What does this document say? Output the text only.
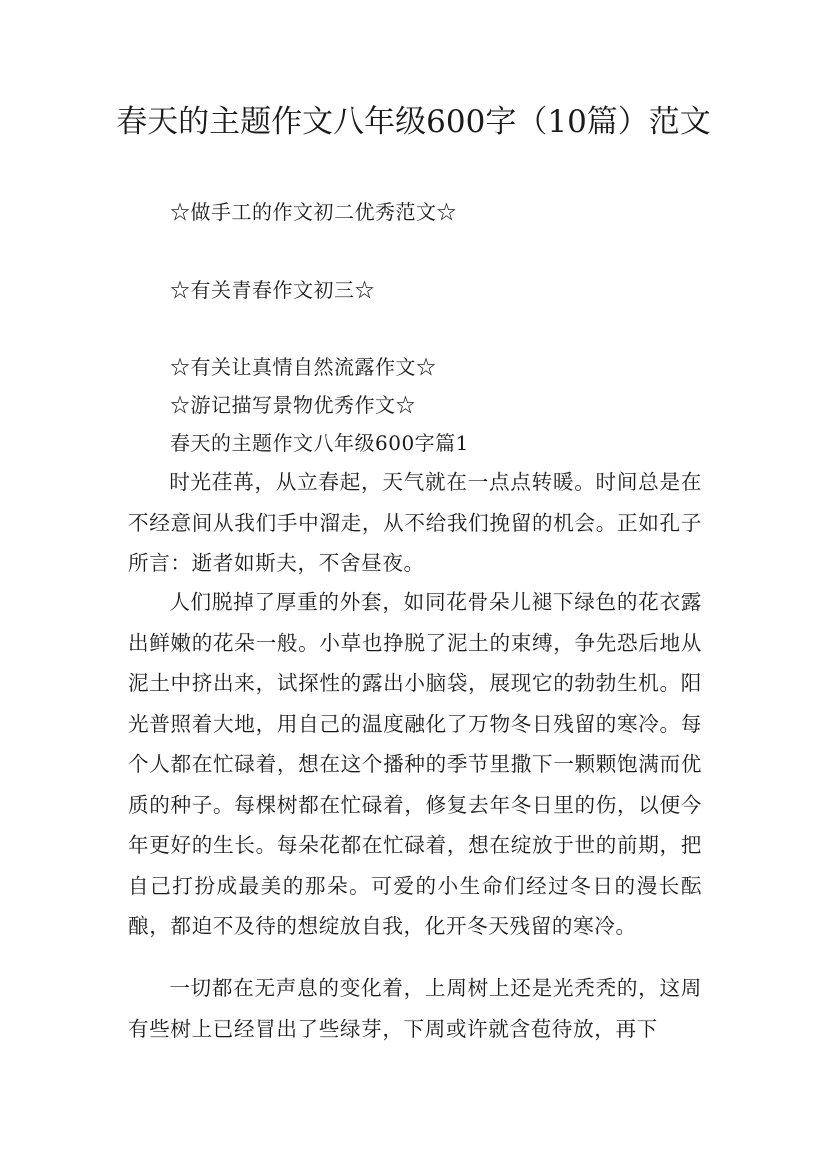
春天的主题作文八年级600字（10篇）范文
☆做手工的作文初二优秀范文☆
☆有关青春作文初三☆
☆有关让真情自然流露作文☆
☆游记描写景物优秀作文☆
春天的主题作文八年级600字篇1

时光荏苒，从立春起，天气就在一点点转暖。时间总是在不经意间从我们手中溜走，从不给我们挽留的机会。正如孔子所言：逝者如斯夫，不舍昼夜。

人们脱掉了厚重的外套，如同花骨朵儿褪下绿色的花衣露出鲜嫩的花朵一般。小草也挣脱了泥土的束缚，争先恐后地从泥土中挤出来，试探性的露出小脑袋，展现它的勃勃生机。阳光普照着大地，用自己的温度融化了万物冬日残留的寒冷。每个人都在忙碌着，想在这个播种的季节里撒下一颗颗饱满而优质的种子。每棵树都在忙碌着，修复去年冬日里的伤，以便今年更好的生长。每朵花都在忙碌着，想在绽放于世的前期，把自己打扮成最美的那朵。可爱的小生命们经过冬日的漫长酝酿，都迫不及待的想绽放自我，化开冬天残留的寒冷。

一切都在无声息的变化着，上周树上还是光秃秃的，这周有些树上已经冒出了些绿芽，下周或许就含苞待放，再下
